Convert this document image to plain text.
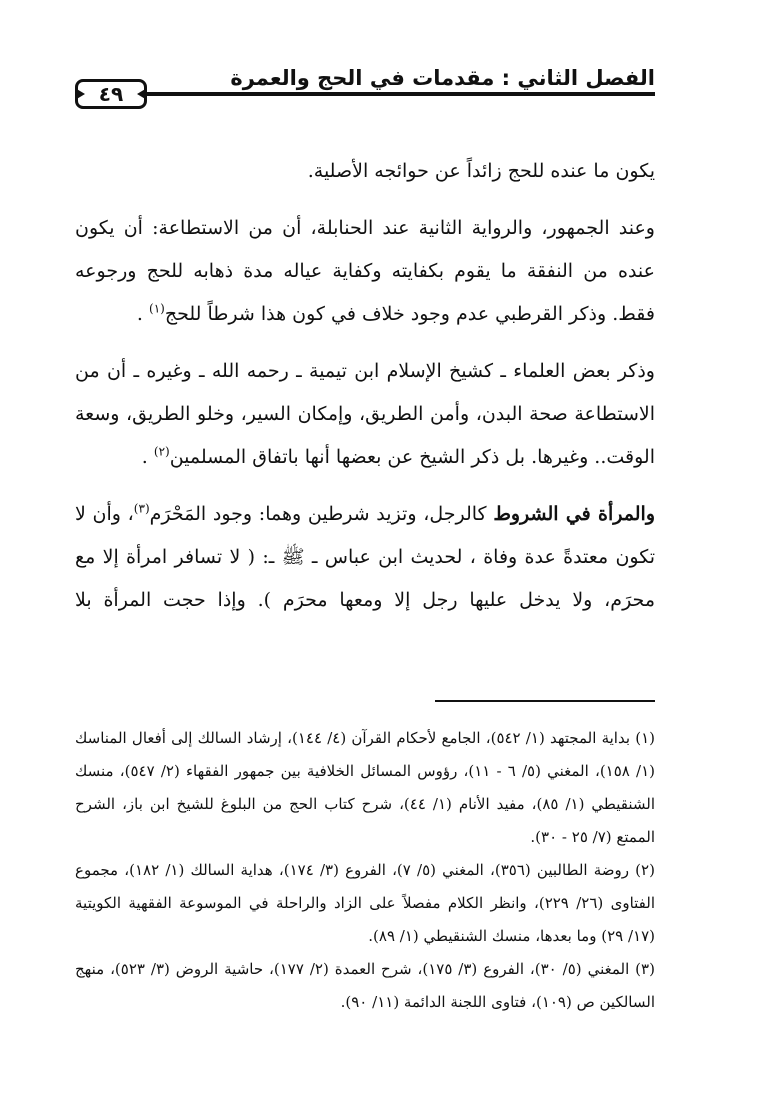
الفصل الثاني : مقدمات في الحج والعمرة
٤٩

يكون ما عنده للحج زائداً عن حوائجه الأصلية.

وعند الجمهور، والرواية الثانية عند الحنابلة، أن من الاستطاعة: أن يكون عنده من النفقة ما يقوم بكفايته وكفاية عياله مدة ذهابه للحج ورجوعه فقط. وذكر القرطبي عدم وجود خلاف في كون هذا شرطاً للحج$^{(١)}$ .

وذكر بعض العلماء ـ كشيخ الإسلام ابن تيمية ـ رحمه الله ـ وغيره ـ أن من الاستطاعة صحة البدن، وأمن الطريق، وإمكان السير، وخلو الطريق، وسعة الوقت.. وغيرها. بل ذكر الشيخ عن بعضها أنها باتفاق المسلمين$^{(٢)}$ .

والمرأة في الشروط كالرجل، وتزيد شرطين وهما: وجود المَحْرَم$^{(٣)}$، وأن لا تكون معتدةً عدة وفاة ، لحديث ابن عباس ـ ﷺ ـ: ( لا تسافر امرأة إلا مع محرَم، ولا يدخل عليها رجل إلا ومعها محرَم ). وإذا حجت المرأة بلا

(١) بداية المجتهد (١/ ٥٤٢)، الجامع لأحكام القرآن (٤/ ١٤٤)، إرشاد السالك إلى أفعال المناسك (١/ ١٥٨)، المغني (٥/ ٦ - ١١)، رؤوس المسائل الخلافية بين جمهور الفقهاء (٢/ ٥٤٧)، منسك الشنقيطي (١/ ٨٥)، مفيد الأنام (١/ ٤٤)، شرح كتاب الحج من البلوغ للشيخ ابن باز، الشرح الممتع (٧/ ٢٥ - ٣٠).

(٢) روضة الطالبين (٣٥٦)، المغني (٥/ ٧)، الفروع (٣/ ١٧٤)، هداية السالك (١/ ١٨٢)، مجموع الفتاوى (٢٦/ ٢٢٩)، وانظر الكلام مفصلاً على الزاد والراحلة في الموسوعة الفقهية الكويتية (١٧/ ٢٩) وما بعدها، منسك الشنقيطي (١/ ٨٩).

(٣) المغني (٥/ ٣٠)، الفروع (٣/ ١٧٥)، شرح العمدة (٢/ ١٧٧)، حاشية الروض (٣/ ٥٢٣)، منهج السالكين ص (١٠٩)، فتاوى اللجنة الدائمة (١١/ ٩٠).
